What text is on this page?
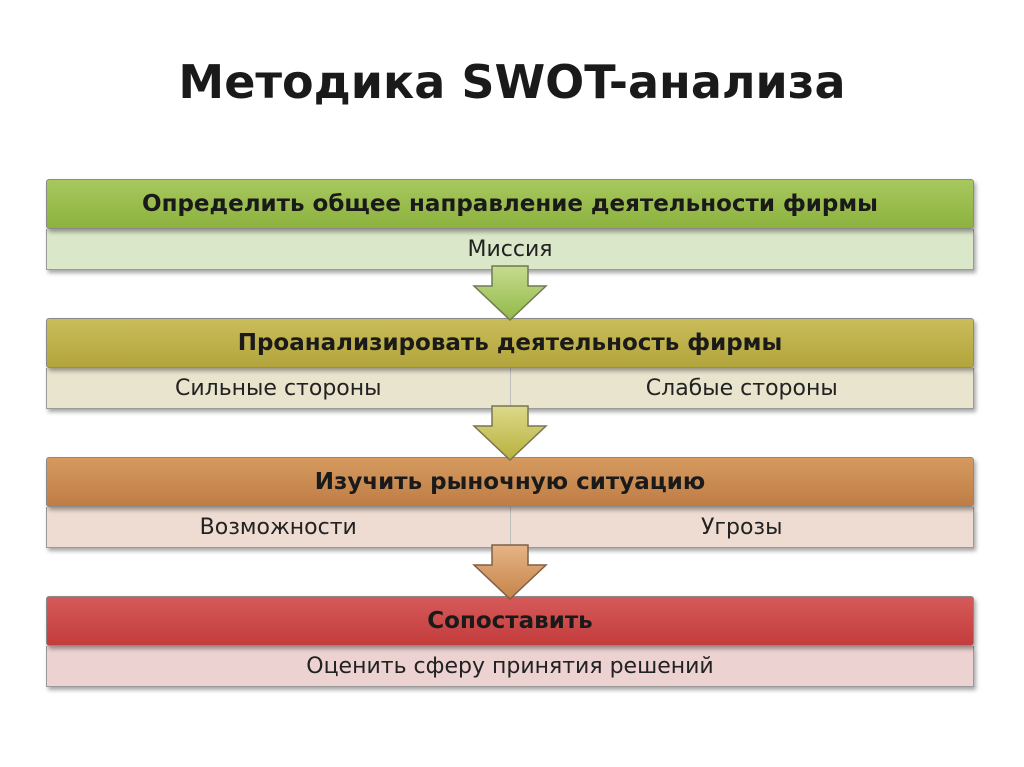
Методика SWOT-анализа
Определить общее направление деятельности фирмы
Миссия
Проанализировать деятельность фирмы
Сильные стороны	Слабые стороны
Изучить рыночную ситуацию
Возможности	Угрозы
Сопоставить
Оценить сферу принятия решений
